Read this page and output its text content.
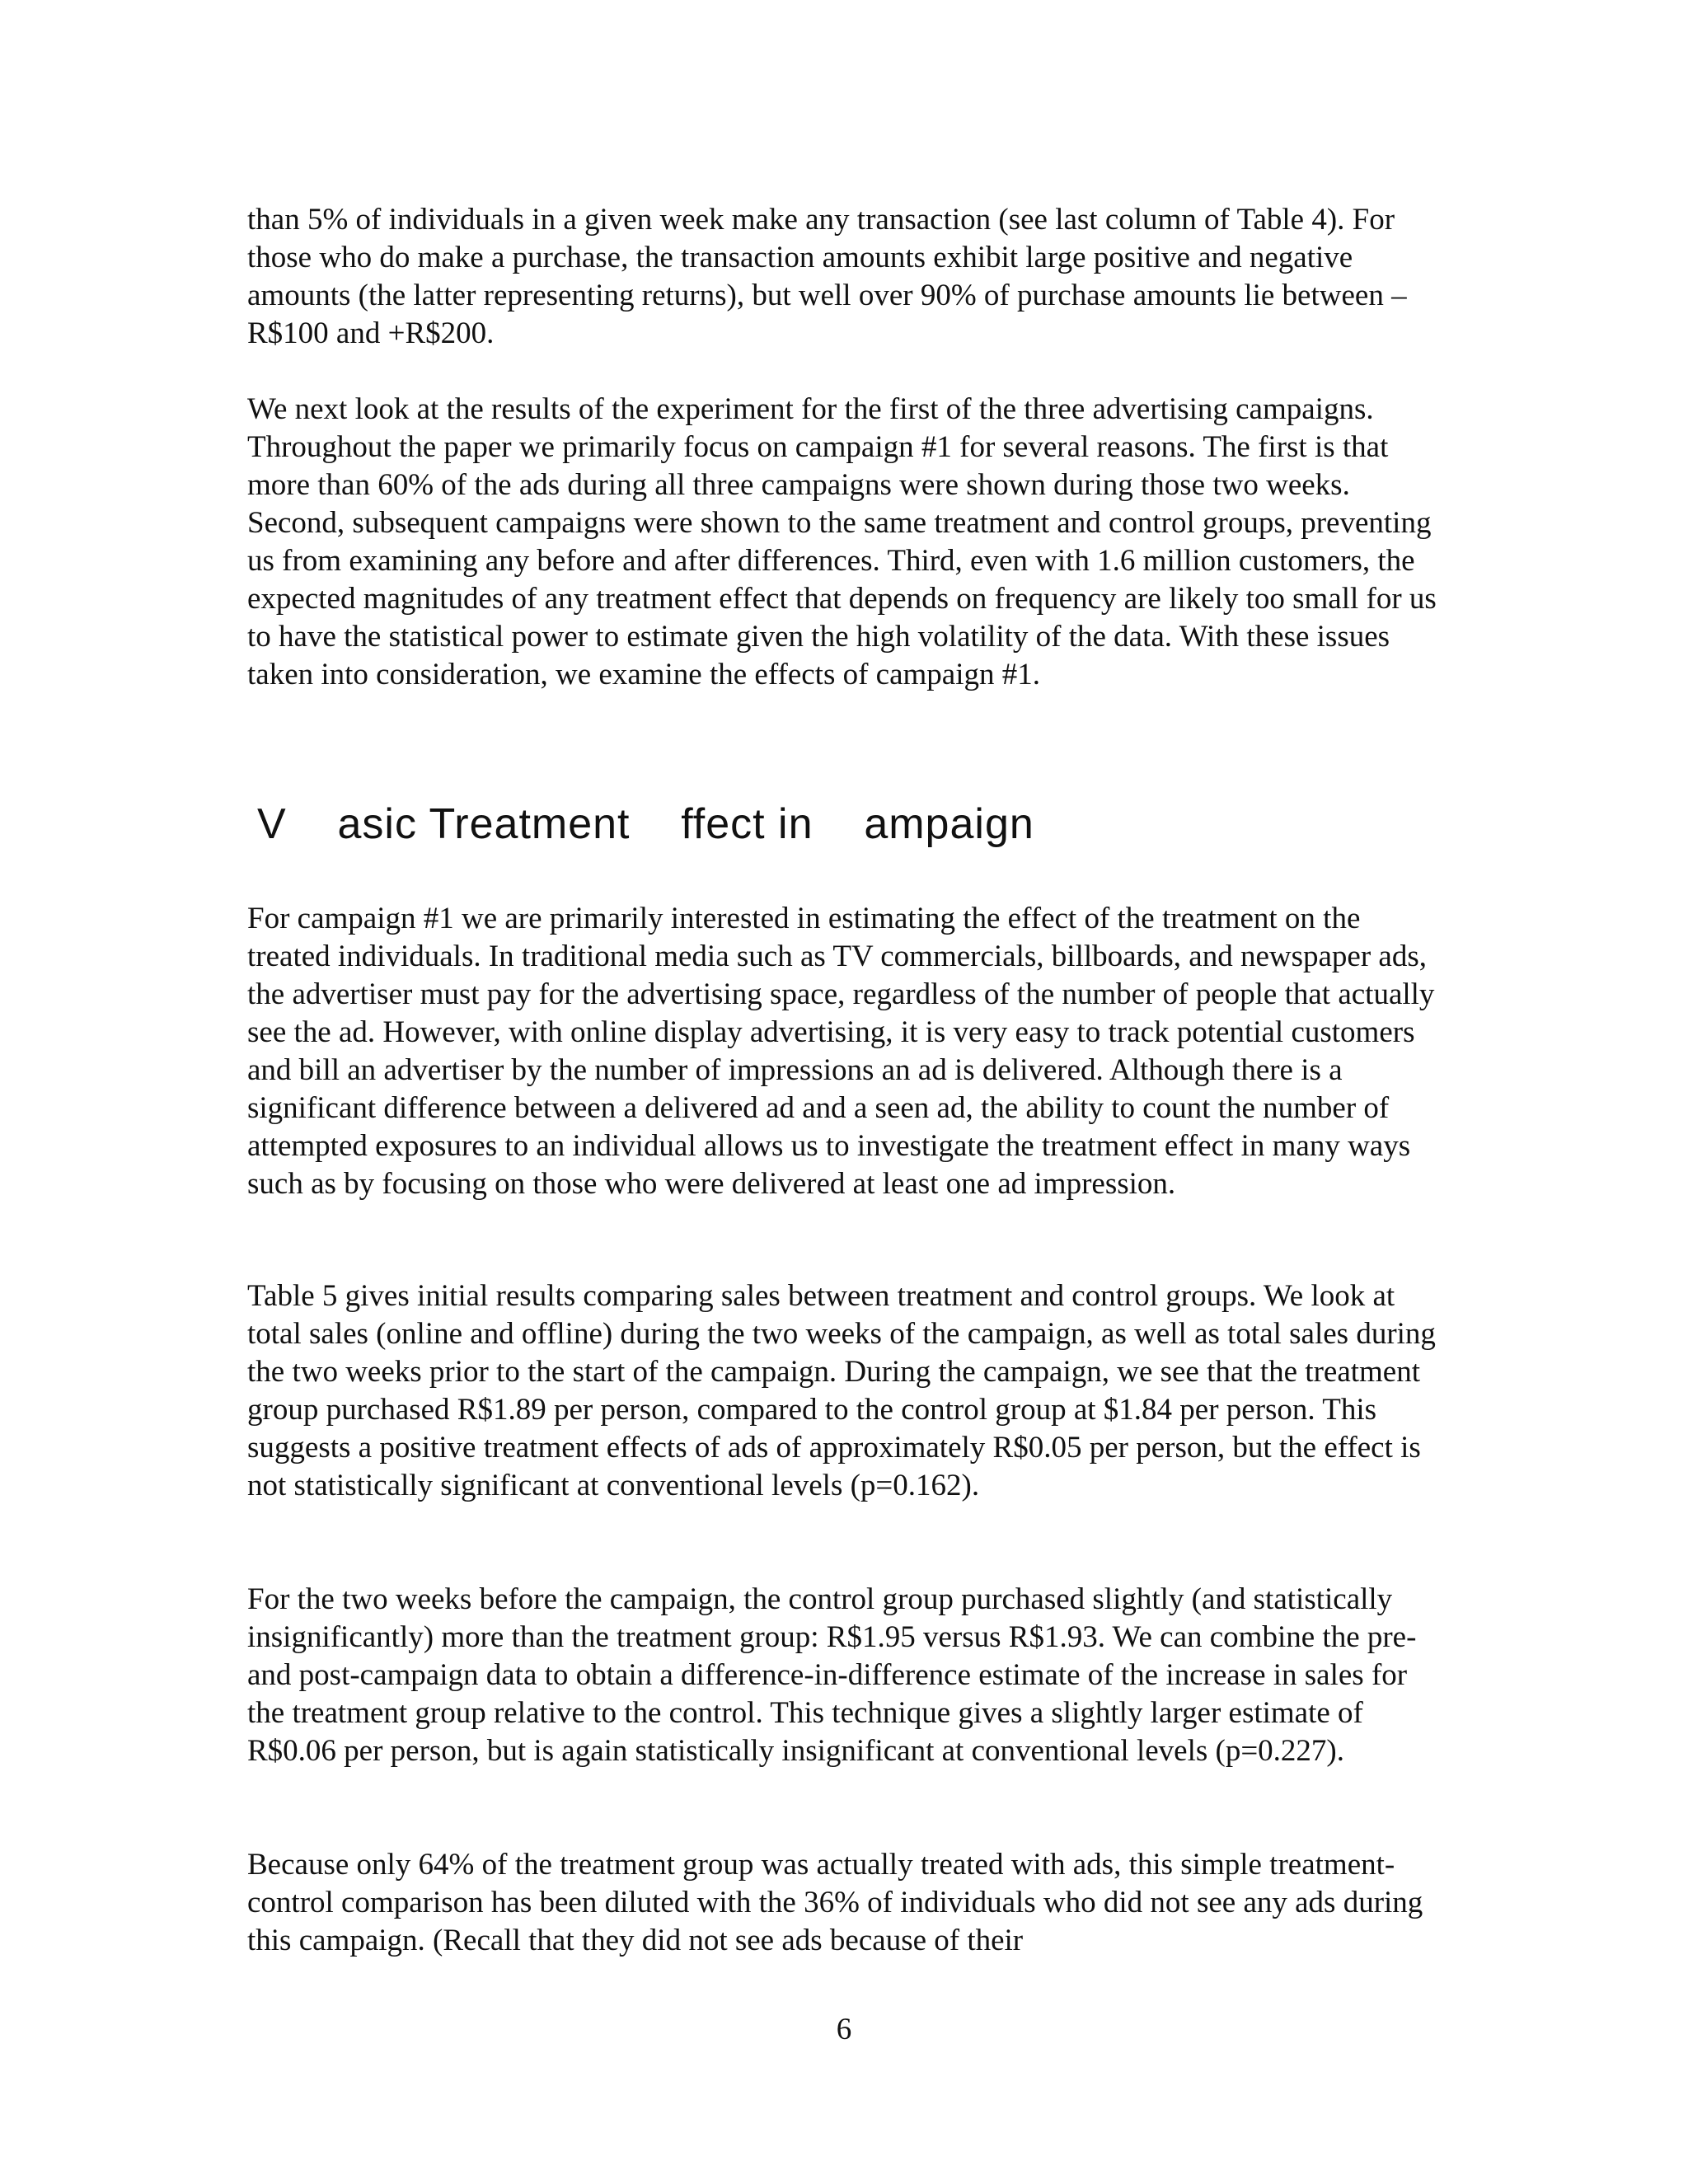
than 5% of individuals in a given week make any transaction (see last column of Table 4). For those who do make a purchase, the transaction amounts exhibit large positive and negative amounts (the latter representing returns), but well over 90% of purchase amounts lie between –R$100 and +R$200.

We next look at the results of the experiment for the first of the three advertising campaigns. Throughout the paper we primarily focus on campaign #1 for several reasons. The first is that more than 60% of the ads during all three campaigns were shown during those two weeks. Second, subsequent campaigns were shown to the same treatment and control groups, preventing us from examining any before and after differences. Third, even with 1.6 million customers, the expected magnitudes of any treatment effect that depends on frequency are likely too small for us to have the statistical power to estimate given the high volatility of the data. With these issues taken into consideration, we examine the effects of campaign #1.

V    asic Treatment    ffect in    ampaign

For campaign #1 we are primarily interested in estimating the effect of the treatment on the treated individuals. In traditional media such as TV commercials, billboards, and newspaper ads, the advertiser must pay for the advertising space, regardless of the number of people that actually see the ad. However, with online display advertising, it is very easy to track potential customers and bill an advertiser by the number of impressions an ad is delivered. Although there is a significant difference between a delivered ad and a seen ad, the ability to count the number of attempted exposures to an individual allows us to investigate the treatment effect in many ways such as by focusing on those who were delivered at least one ad impression.

Table 5 gives initial results comparing sales between treatment and control groups. We look at total sales (online and offline) during the two weeks of the campaign, as well as total sales during the two weeks prior to the start of the campaign. During the campaign, we see that the treatment group purchased R$1.89 per person, compared to the control group at $1.84 per person. This suggests a positive treatment effects of ads of approximately R$0.05 per person, but the effect is not statistically significant at conventional levels (p=0.162).

For the two weeks before the campaign, the control group purchased slightly (and statistically insignificantly) more than the treatment group: R$1.95 versus R$1.93. We can combine the pre- and post-campaign data to obtain a difference-in-difference estimate of the increase in sales for the treatment group relative to the control. This technique gives a slightly larger estimate of R$0.06 per person, but is again statistically insignificant at conventional levels (p=0.227).

Because only 64% of the treatment group was actually treated with ads, this simple treatment-control comparison has been diluted with the 36% of individuals who did not see any ads during this campaign. (Recall that they did not see ads because of their

6
